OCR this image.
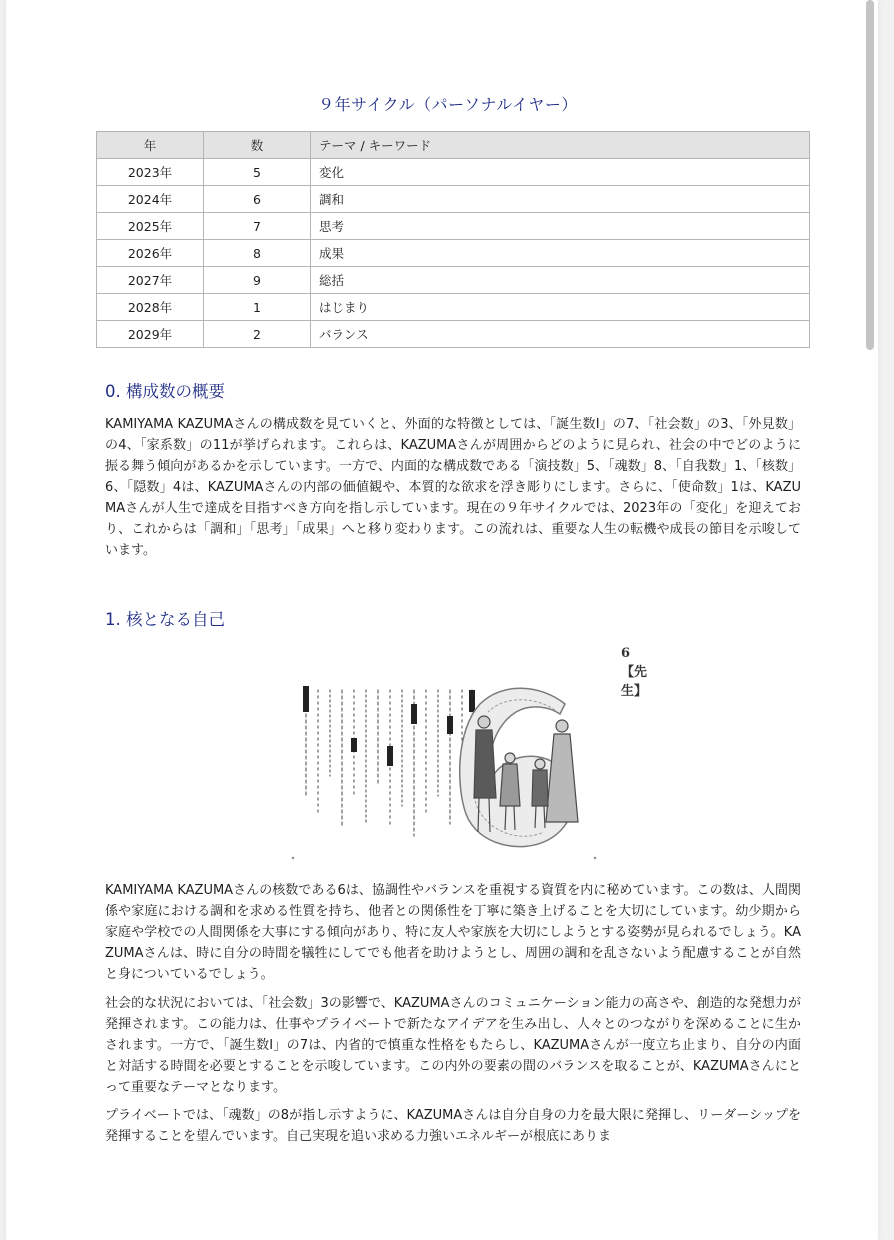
９年サイクル（パーソナルイヤー）
年	数	テーマ / キーワード
2023年	5	変化
2024年	6	調和
2025年	7	思考
2026年	8	成果
2027年	9	総括
2028年	1	はじまり
2029年	2	バランス
0. 構成数の概要
KAMIYAMA KAZUMAさんの構成数を見ていくと、外面的な特徴としては、「誕生数I」の7、「社会数」の3、「外見数」の4、「家系数」の11が挙げられます。これらは、KAZUMAさんが周囲からどのように見られ、社会の中でどのように振る舞う傾向があるかを示しています。一方で、内面的な構成数である「演技数」5、「魂数」8、「自我数」1、「核数」6、「隠数」4は、KAZUMAさんの内部の価値観や、本質的な欲求を浮き彫りにします。さらに、「使命数」1は、KAZUMAさんが人生で達成を目指すべき方向を指し示しています。現在の９年サイクルでは、2023年の「変化」を迎えており、これからは「調和」「思考」「成果」へと移り変わります。この流れは、重要な人生の転機や成長の節目を示唆しています。
1. 核となる自己
6【先生】
KAMIYAMA KAZUMAさんの核数である6は、協調性やバランスを重視する資質を内に秘めています。この数は、人間関係や家庭における調和を求める性質を持ち、他者との関係性を丁寧に築き上げることを大切にしています。幼少期から家庭や学校での人間関係を大事にする傾向があり、特に友人や家族を大切にしようとする姿勢が見られるでしょう。KAZUMAさんは、時に自分の時間を犠牲にしてでも他者を助けようとし、周囲の調和を乱さないよう配慮することが自然と身についているでしょう。
社会的な状況においては、「社会数」3の影響で、KAZUMAさんのコミュニケーション能力の高さや、創造的な発想力が発揮されます。この能力は、仕事やプライベートで新たなアイデアを生み出し、人々とのつながりを深めることに生かされます。一方で、「誕生数I」の7は、内省的で慎重な性格をもたらし、KAZUMAさんが一度立ち止まり、自分の内面と対話する時間を必要とすることを示唆しています。この内外の要素の間のバランスを取ることが、KAZUMAさんにとって重要なテーマとなります。
プライベートでは、「魂数」の8が指し示すように、KAZUMAさんは自分自身の力を最大限に発揮し、リーダーシップを発揮することを望んでいます。自己実現を追い求める力強いエネルギーが根底にありま
